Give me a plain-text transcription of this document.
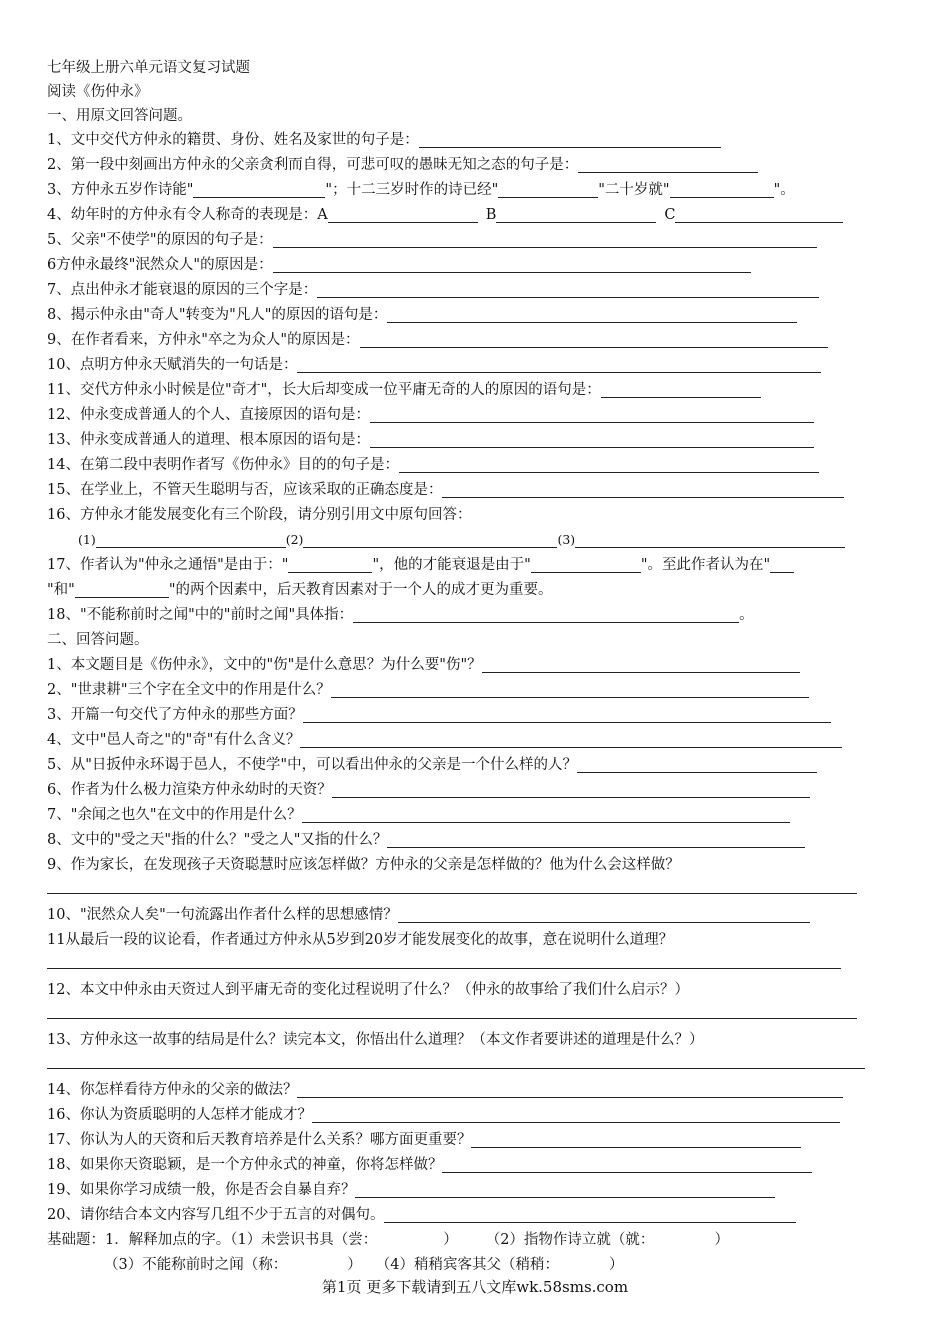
七年级上册六单元语文复习试题
阅读《伤仲永》
一、用原文回答问题。
1、文中交代方仲永的籍贯、身份、姓名及家世的句子是：
2、第一段中刻画出方仲永的父亲贪利而自得，可悲可叹的愚昧无知之态的句子是：
3、方仲永五岁作诗能"	"；十二三岁时作的诗已经"	"二十岁就"	"。
4、幼年时的方仲永有令人称奇的表现是：A	B	C
5、父亲"不使学"的原因的句子是：
6方仲永最终"泯然众人"的原因是：
7、点出仲永才能衰退的原因的三个字是：
8、揭示仲永由"奇人"转变为"凡人"的原因的语句是：
9、在作者看来，方仲永"卒之为众人"的原因是：
10、点明方仲永天赋消失的一句话是：
11、交代方仲永小时候是位"奇才"，长大后却变成一位平庸无奇的人的原因的语句是：
12、仲永变成普通人的个人、直接原因的语句是：
13、仲永变成普通人的道理、根本原因的语句是：
14、在第二段中表明作者写《伤仲永》目的的句子是：
15、在学业上，不管天生聪明与否，应该采取的正确态度是：
16、方仲永才能发展变化有三个阶段，请分别引用文中原句回答：
(1)	(2)	(3)
17、作者认为"仲永之通悟"是由于："	"，他的才能衰退是由于"	"。至此作者认为在"
"和"	"的两个因素中，后天教育因素对于一个人的成才更为重要。
18、"不能称前时之闻"中的"前时之闻"具体指：	。
二、回答问题。
1、本文题目是《伤仲永》，文中的"伤"是什么意思？为什么要"伤"？
2、"世隶耕"三个字在全文中的作用是什么？
3、开篇一句交代了方仲永的那些方面？
4、文中"邑人奇之"的"奇"有什么含义？
5、从"日扳仲永环谒于邑人，不使学"中，可以看出仲永的父亲是一个什么样的人？
6、作者为什么极力渲染方仲永幼时的天资？
7、"余闻之也久"在文中的作用是什么？
8、文中的"受之天"指的什么？"受之人"又指的什么？
9、作为家长，在发现孩子天资聪慧时应该怎样做？方仲永的父亲是怎样做的？他为什么会这样做？
10、"泯然众人矣"一句流露出作者什么样的思想感情？
11从最后一段的议论看，作者通过方仲永从5岁到20岁才能发展变化的故事，意在说明什么道理？
12、本文中仲永由天资过人到平庸无奇的变化过程说明了什么？（仲永的故事给了我们什么启示？）
13、方仲永这一故事的结局是什么？读完本文，你悟出什么道理？（本文作者要讲述的道理是什么？）
14、你怎样看待方仲永的父亲的做法？
16、你认为资质聪明的人怎样才能成才？
17、你认为人的天资和后天教育培养是什么关系？哪方面更重要？
18、如果你天资聪颖，是一个方仲永式的神童，你将怎样做？
19、如果你学习成绩一般，你是否会自暴自弃？
20、请你结合本文内容写几组不少于五言的对偶句。
基础题：1．解释加点的字。（1）未尝识书具（尝：	） （2）指物作诗立就（就：	）
（3）不能称前时之闻（称：	） （4）稍稍宾客其父（稍稍：	）
第1页 更多下载请到五八文库wk.58sms.com
